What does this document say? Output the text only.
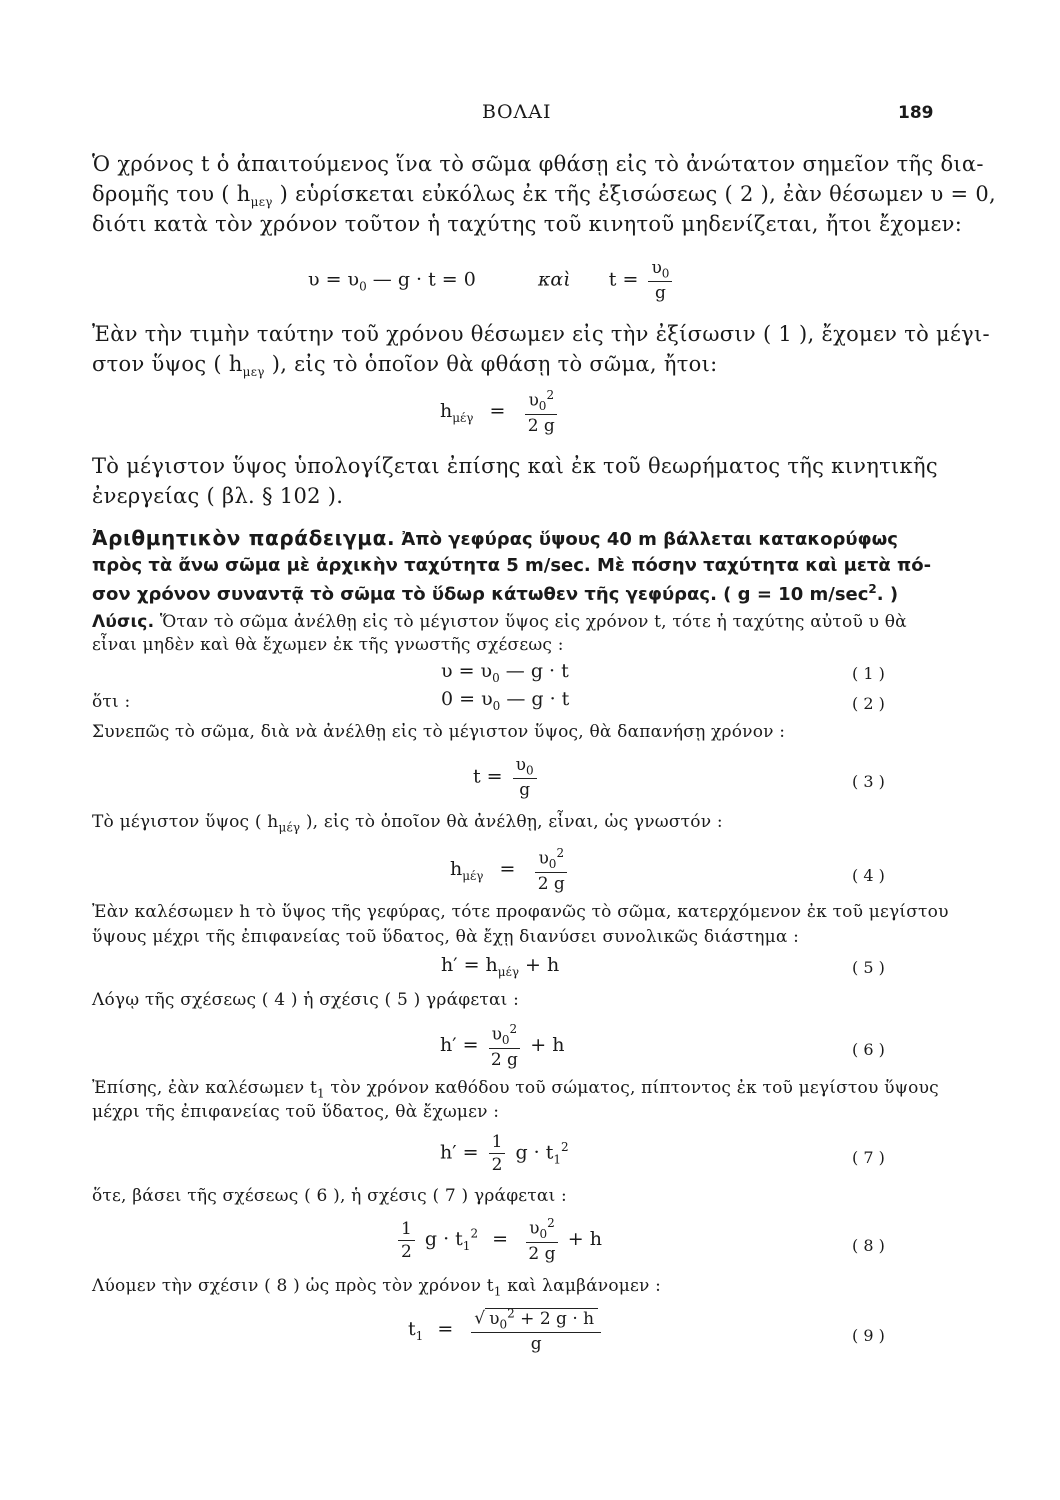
ΒΟΛΑΙ	189
Ὁ χρόνος t ὁ ἀπαιτούμενος ἵνα τὸ σῶμα φθάσῃ εἰς τὸ ἀνώτατον σημεῖον τῆς δια-
δρομῆς του ( $h_{\mu\varepsilon\gamma}$ ) εὑρίσκεται εὐκόλως ἐκ τῆς ἐξισώσεως ( 2 ), ἐὰν θέσωμεν υ = 0,
διότι κατὰ τὸν χρόνον τοῦτον ἡ ταχύτης τοῦ κινητοῦ μηδενίζεται, ἤτοι ἔχομεν:
$\upsilon = \upsilon_0$ — g · t = 0	καὶ $t = \frac{\upsilon_0}{g}$
Ἐὰν τὴν τιμὴν ταύτην τοῦ χρόνου θέσωμεν εἰς τὴν ἐξίσωσιν ( 1 ), ἔχομεν τὸ μέγι-
στον ὕψος ( $h_{\mu\varepsilon\gamma}$ ), εἰς τὸ ὁποῖον θὰ φθάσῃ τὸ σῶμα, ἤτοι:
$h_{\mu έ\gamma} = \frac{\upsilon_0^2}{2 g}$
Τὸ μέγιστον ὕψος ὑπολογίζεται ἐπίσης καὶ ἐκ τοῦ θεωρήματος τῆς κινητικῆς
ἐνεργείας ( βλ. § 102 ).
Ἀριθμητικὸν παράδειγμα. Ἀπὸ γεφύρας ὕψους 40 m βάλλεται κατακορύφως
πρὸς τὰ ἄνω σῶμα μὲ ἀρχικὴν ταχύτητα 5 m/sec. Μὲ πόσην ταχύτητα καὶ μετὰ πό-
σον χρόνον συναντᾷ τὸ σῶμα τὸ ὕδωρ κάτωθεν τῆς γεφύρας. ( g = 10 $m/\sec^2$. )
Λύσις. Ὅταν τὸ σῶμα ἀνέλθῃ εἰς τὸ μέγιστον ὕψος εἰς χρόνον t, τότε ἡ ταχύτης αὐτοῦ υ θὰ
εἶναι μηδὲν καὶ θὰ ἔχωμεν ἐκ τῆς γνωστῆς σχέσεως :
$\upsilon = \upsilon_0$ — g · t	( 1 )
ὅτι :	$0 = \upsilon_0$ — g · t	( 2 )
Συνεπῶς τὸ σῶμα, διὰ νὰ ἀνέλθῃ εἰς τὸ μέγιστον ὕψος, θὰ δαπανήσῃ χρόνον :
$t = \frac{\upsilon_0}{g}$	( 3 )
Τὸ μέγιστον ὕψος ( $h_{\mu έ\gamma}$ ), εἰς τὸ ὁποῖον θὰ ἀνέλθῃ, εἶναι, ὡς γνωστόν :
$h_{\mu έ\gamma} = \frac{\upsilon_0^2}{2 g}$	( 4 )
Ἐὰν καλέσωμεν h τὸ ὕψος τῆς γεφύρας, τότε προφανῶς τὸ σῶμα, κατερχόμενον ἐκ τοῦ μεγίστου
ὕψους μέχρι τῆς ἐπιφανείας τοῦ ὕδατος, θὰ ἔχῃ διανύσει συνολικῶς διάστημα :
$h' = h_{\mu έ\gamma} + h$	( 5 )
Λόγῳ τῆς σχέσεως ( 4 ) ἡ σχέσις ( 5 ) γράφεται :
$h' = \frac{\upsilon_0^2}{2 g} + h$	( 6 )
Ἐπίσης, ἐὰν καλέσωμεν $t_1$ τὸν χρόνον καθόδου τοῦ σώματος, πίπτοντος ἐκ τοῦ μεγίστου ὕψους
μέχρι τῆς ἐπιφανείας τοῦ ὕδατος, θὰ ἔχωμεν :
$h' = \frac{1}{2}$ $g \cdot t_1^2$
( 7 )
ὅτε, βάσει τῆς σχέσεως ( 6 ), ἡ σχέσις ( 7 ) γράφεται :
$\frac{1}{2}$ $g \cdot t_1^2 = \frac{\upsilon_0^2}{2 g} + h$	( 8 )
Λύομεν τὴν σχέσιν ( 8 ) ὡς πρὸς τὸν χρόνον $t_1$ καὶ λαμβάνομεν :
$t_1 = \frac{√ \upsilon_0^2 + 2 g \cdot h}{g}$	( 9 )
